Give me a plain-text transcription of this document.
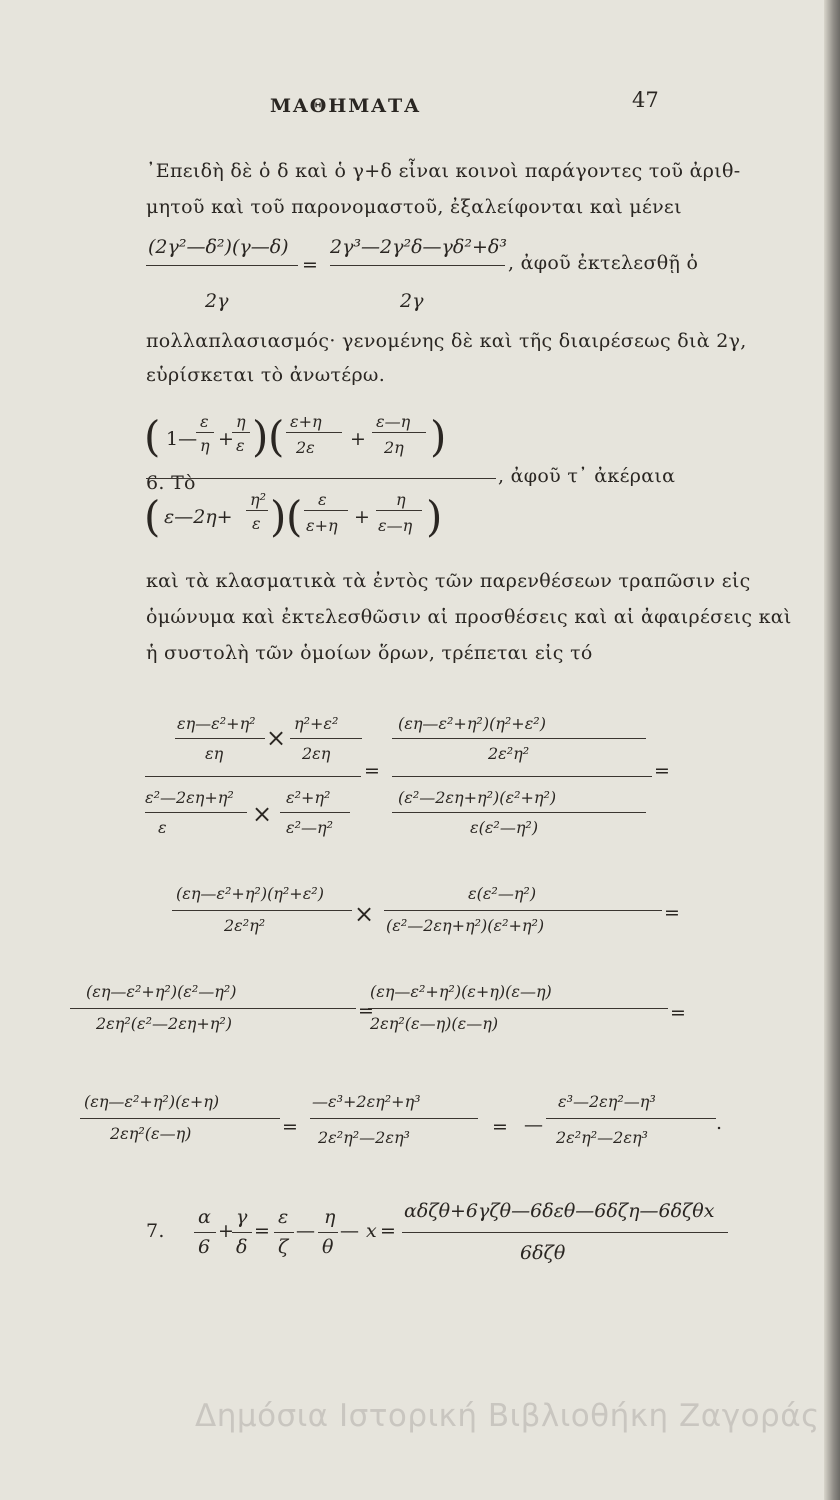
ΜΑΘΗΜΑΤΑ	47
᾿Επειδὴ δὲ ὁ δ καὶ ὁ γ+δ εἶναι κοινοὶ παράγοντες τοῦ ἀριθ-
μητοῦ καὶ τοῦ παρονομαστοῦ, ἐξαλείφονται καὶ μένει
(2γ²—δ²)(γ—δ)
2γ
=
2γ³—2γ²δ—γδ²+δ³
2γ
, ἀφοῦ ἐκτελεσθῇ ὁ
πολλαπλασιασμός· γενομένης δὲ καὶ τῆς διαιρέσεως διὰ 2γ,
εὑρίσκεται τὸ ἀνωτέρω.
6. Τὸ
( 1—
ε
η +
η
ε ) ( ε+η
2ε +
ε—η
2η )
, ἀφοῦ τ᾿ ἀκέραια
( ε—2η+
η²
ε ) ( ε
ε+η +
η
ε—η )
καὶ τὰ κλασματικὰ τὰ ἐντὸς τῶν παρενθέσεων τραπῶσιν εἰς
ὁμώνυμα καὶ ἐκτελεσθῶσιν αἱ προσθέσεις καὶ αἱ ἀφαιρέσεις καὶ
ἡ συστολὴ τῶν ὁμοίων ὅρων, τρέπεται εἰς τό
εη—ε²+η²
εη
×
η²+ε²
2εη
ε²—2εη+η²
ε	×
ε²+η²
ε²—η²
=
(εη—ε²+η²)(η²+ε²)
2ε²η²
(ε²—2εη+η²)(ε²+η²)
ε(ε²—η²)
=
(εη—ε²+η²)(η²+ε²)
2ε²η²	×
ε(ε²—η²)
(ε²—2εη+η²)(ε²+η²)
=
(εη—ε²+η²)(ε²—η²)
2εη²(ε²—2εη+η²)
=
(εη—ε²+η²)(ε+η)(ε—η)
2εη²(ε—η)(ε—η)	=
(εη—ε²+η²)(ε+η)
2εη²(ε—η)	=
—ε³+2εη²+η³
2ε²η²—2εη³	= —
ε³—2εη²—η³
2ε²η²—2εη³
.
7.
α
6
+
γ
δ
=
ε
ζ
—
η
θ
— x =
αδζθ+6γζθ—6δεθ—6δζη—6δζθx
6δζθ
Δημόσια Ιστορική Βιβλιοθήκη Ζαγοράς
